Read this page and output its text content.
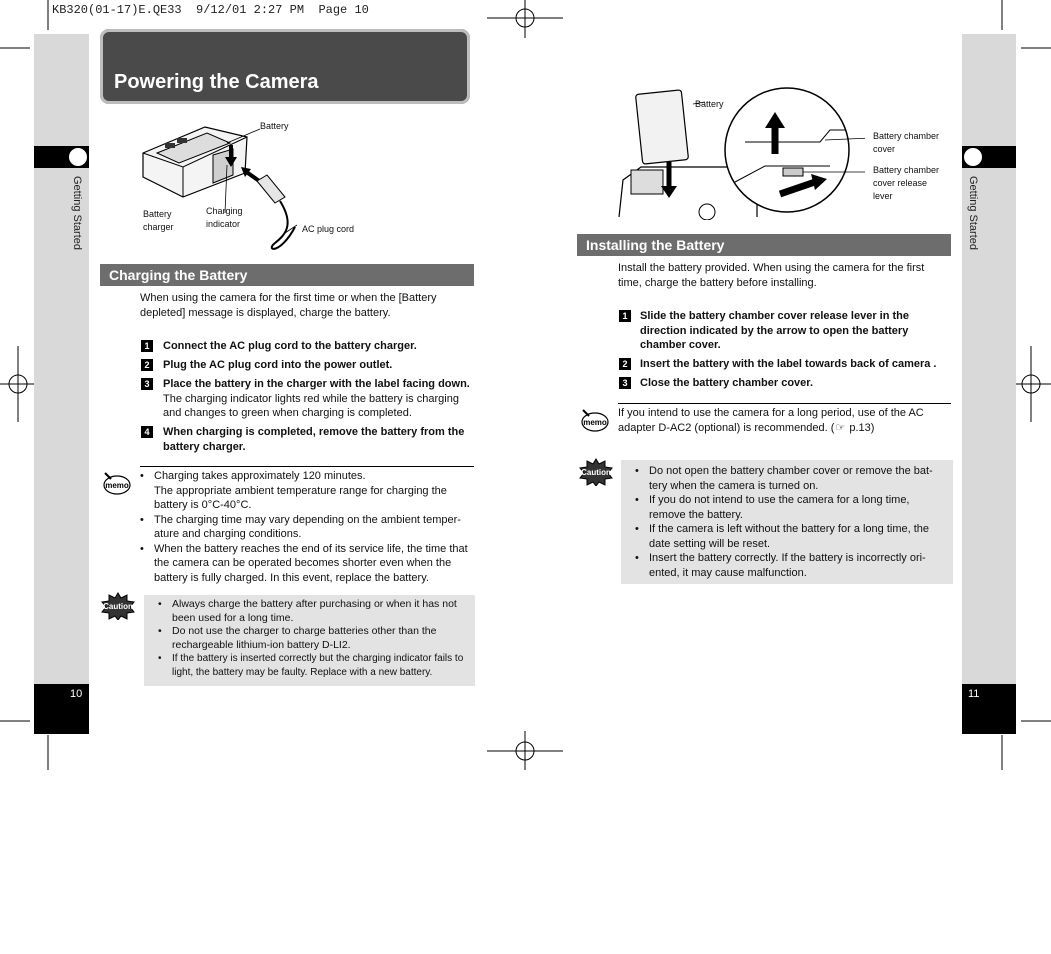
KB320(01-17)E.QE33  9/12/01 2:27 PM  Page 10
Getting Started
10
Getting Started
11
Powering the Camera
Battery
Battery
charger
Charging
indicator	AC plug cord
Charging the Battery
When using the camera for the first time or when the [Battery depleted] message is displayed, charge the battery.
1	Connect the AC plug cord to the battery charger.
2	Plug the AC plug cord into the power outlet.
3	Place the battery in the charger with the label facing down.
The charging indicator lights red while the battery is charging and changes to green when charging is completed.
4	When charging is completed, remove the battery from the battery charger.
memo
• Charging takes approximately 120 minutes.
The appropriate ambient temperature range for charging the battery is 0°C-40°C.
• The charging time may vary depending on the ambient temper-ature and charging conditions.
• When the battery reaches the end of its service life, the time that the camera can be operated becomes shorter even when the battery is fully charged. In this event, replace the battery.
Caution	• Always charge the battery after purchasing or when it has not been used for a long time.
• Do not use the charger to charge batteries other than the rechargeable lithium-ion battery D-LI2.
• If the battery is inserted correctly but the charging indicator fails to light, the battery may be faulty. Replace with a new battery.
Battery
Battery chamber
cover
Battery chamber
cover release
lever
Installing the Battery
Install the battery provided. When using the camera for the first time, charge the battery before installing.
1	Slide the battery chamber cover release lever in the direction indicated by the arrow to open the battery chamber cover.
2	Insert the battery with the label towards back of camera .
3	Close the battery chamber cover.
memo
If you intend to use the camera for a long period, use of the AC adapter D-AC2 (optional) is recommended. (☞ p.13)
Caution	• Do not open the battery chamber cover or remove the bat-tery when the camera is turned on.
• If you do not intend to use the camera for a long time, remove the battery.
• If the camera is left without the battery for a long time, the date setting will be reset.
• Insert the battery correctly. If the battery is incorrectly ori-ented, it may cause malfunction.
